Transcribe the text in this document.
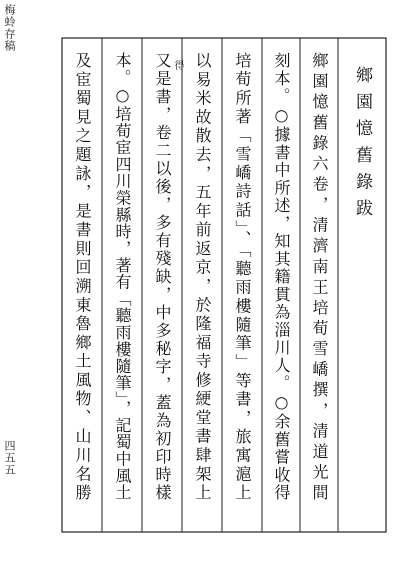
梅蛉存稿
四五五
鄉園憶舊錄跋
鄉園憶舊錄六卷，清濟南王培荀雪嶠撰，清道光間
刻本。○據書中所述，知其籍貫為淄川人。○余舊嘗收得
培荀所著「雪嶠詩話」、「聽雨樓隨筆」等書，旅寓滬上
以易米故散去，五年前返京，於隆福寺修綆堂書肆架上
又是書，卷二以後，多有殘缺，中多秘字，蓋為初印時樣
本。○培荀宦四川榮縣時，著有「聽雨樓隨筆」，記蜀中風土
及宦蜀見之題詠，是書則回溯東魯鄉土風物、山川名勝	得
